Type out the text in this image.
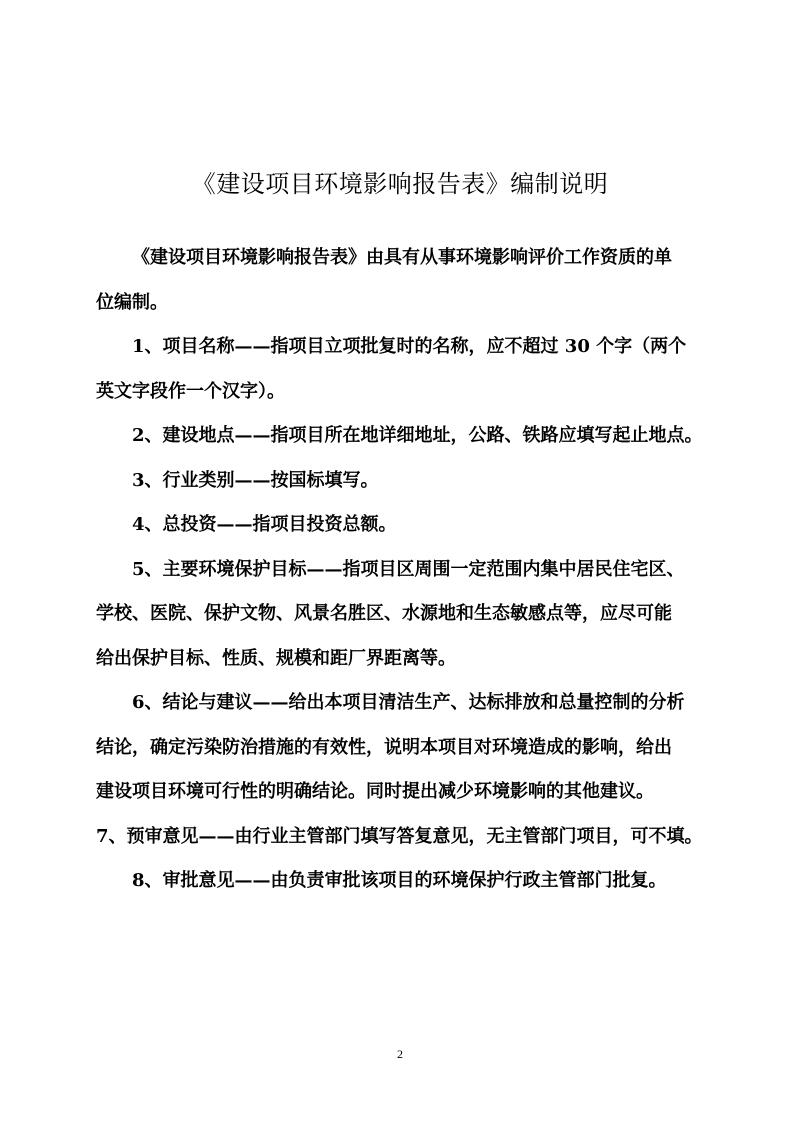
《建设项目环境影响报告表》编制说明
《建设项目环境影响报告表》由具有从事环境影响评价工作资质的单
位编制。
1、项目名称——指项目立项批复时的名称，应不超过 30 个字（两个
英文字段作一个汉字）。
2、建设地点——指项目所在地详细地址，公路、铁路应填写起止地点。
3、行业类别——按国标填写。
4、总投资——指项目投资总额。
5、主要环境保护目标——指项目区周围一定范围内集中居民住宅区、
学校、医院、保护文物、风景名胜区、水源地和生态敏感点等，应尽可能
给出保护目标、性质、规模和距厂界距离等。
6、结论与建议——给出本项目清洁生产、达标排放和总量控制的分析
结论，确定污染防治措施的有效性，说明本项目对环境造成的影响，给出
建设项目环境可行性的明确结论。同时提出减少环境影响的其他建议。
7、预审意见——由行业主管部门填写答复意见，无主管部门项目，可不填。
8、审批意见——由负责审批该项目的环境保护行政主管部门批复。
2
